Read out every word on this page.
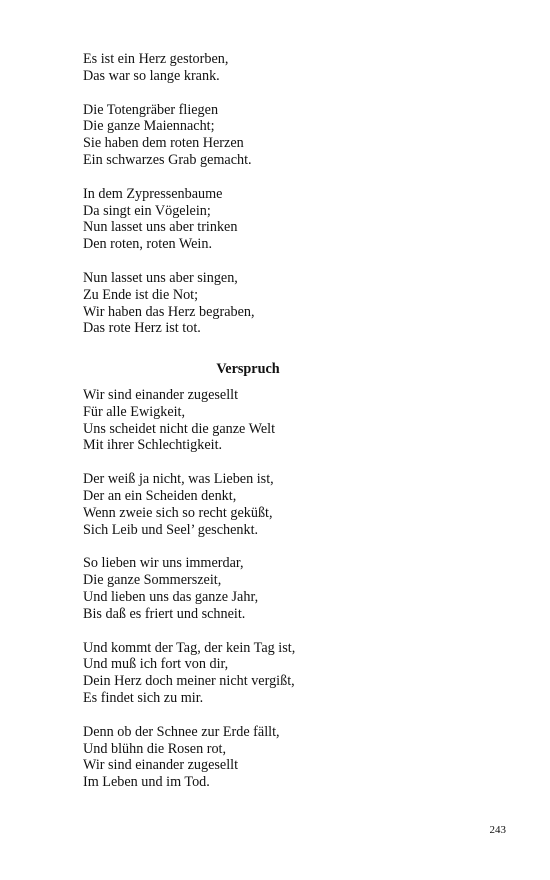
Es ist ein Herz gestorben,
Das war so lange krank.
Die Totengräber fliegen
Die ganze Maiennacht;
Sie haben dem roten Herzen
Ein schwarzes Grab gemacht.
In dem Zypressenbaume
Da singt ein Vögelein;
Nun lasset uns aber trinken
Den roten, roten Wein.
Nun lasset uns aber singen,
Zu Ende ist die Not;
Wir haben das Herz begraben,
Das rote Herz ist tot.
Verspruch
Wir sind einander zugesellt
Für alle Ewigkeit,
Uns scheidet nicht die ganze Welt
Mit ihrer Schlechtigkeit.
Der weiß ja nicht, was Lieben ist,
Der an ein Scheiden denkt,
Wenn zweie sich so recht geküßt,
Sich Leib und Seel’ geschenkt.
So lieben wir uns immerdar,
Die ganze Sommerszeit,
Und lieben uns das ganze Jahr,
Bis daß es friert und schneit.
Und kommt der Tag, der kein Tag ist,
Und muß ich fort von dir,
Dein Herz doch meiner nicht vergißt,
Es findet sich zu mir.
Denn ob der Schnee zur Erde fällt,
Und blühn die Rosen rot,
Wir sind einander zugesellt
Im Leben und im Tod.
243
